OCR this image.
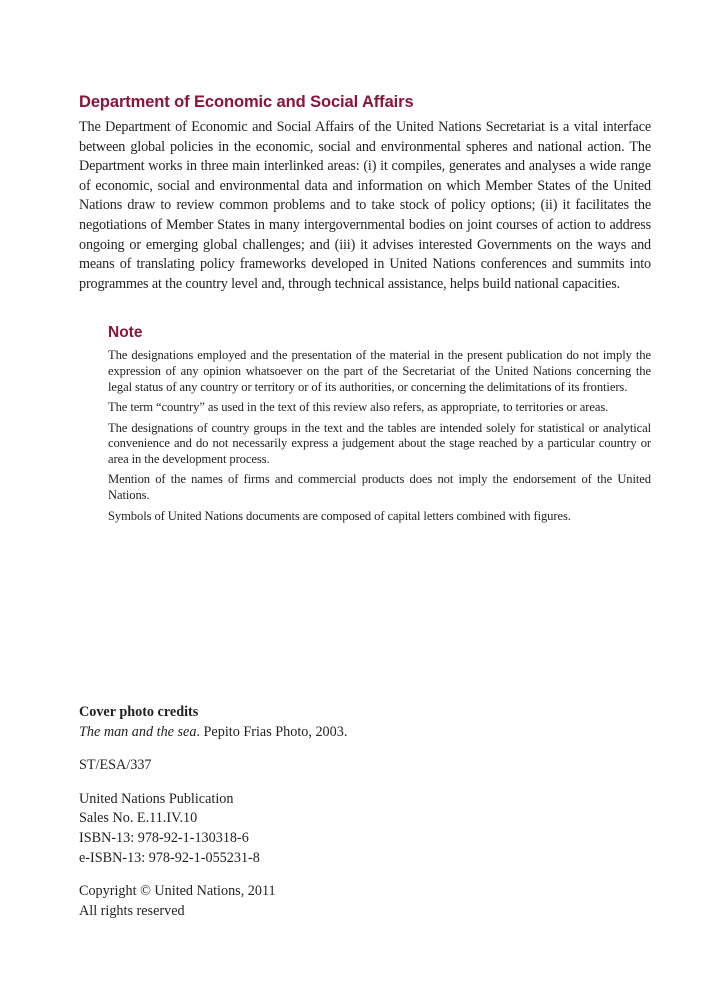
Department of Economic and Social Affairs

The Department of Economic and Social Affairs of the United Nations Secretariat is a vital interface between global policies in the economic, social and environmental spheres and national action. The Department works in three main interlinked areas: (i) it compiles, generates and analyses a wide range of economic, social and environmental data and information on which Member States of the United Nations draw to review common problems and to take stock of policy options; (ii) it facilitates the negotiations of Member States in many intergovernmental bodies on joint courses of action to address ongoing or emerging global challenges; and (iii) it advises interested Governments on the ways and means of translating policy frameworks developed in United Nations conferences and summits into programmes at the country level and, through technical assistance, helps build national capacities.

Note

The designations employed and the presentation of the material in the present publication do not imply the expression of any opinion whatsoever on the part of the Secretariat of the United Nations concerning the legal status of any country or territory or of its authorities, or concerning the delimitations of its frontiers.

The term “country” as used in the text of this review also refers, as appropriate, to territories or areas.

The designations of country groups in the text and the tables are intended solely for statistical or analytical convenience and do not necessarily express a judgement about the stage reached by a particular country or area in the development process.

Mention of the names of firms and commercial products does not imply the endorsement of the United Nations.

Symbols of United Nations documents are composed of capital letters combined with figures.

Cover photo credits

The man and the sea. Pepito Frias Photo, 2003.

ST/ESA/337

United Nations Publication

Sales No. E.11.IV.10

ISBN-13: 978-92-1-130318-6

e-ISBN-13: 978-92-1-055231-8

Copyright © United Nations, 2011

All rights reserved
